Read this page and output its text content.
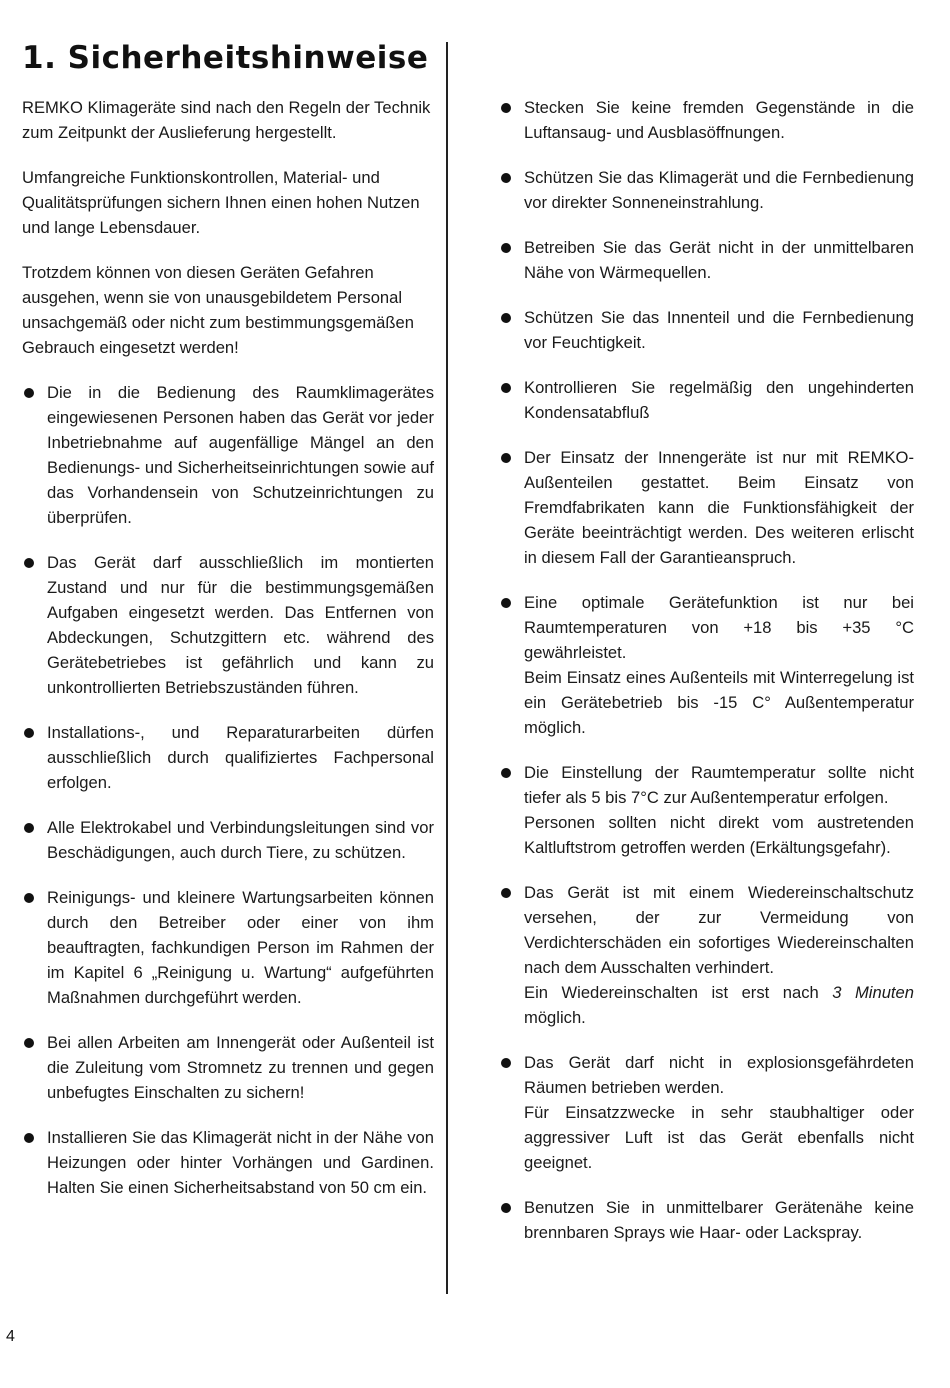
1. Sicherheitshinweise

REMKO Klimageräte sind nach den Regeln der Technik zum Zeitpunkt der Auslieferung hergestellt.

Umfangreiche Funktionskontrollen, Material- und Qualitätsprüfungen sichern Ihnen einen hohen Nutzen und lange Lebensdauer.

Trotzdem können von diesen Geräten Gefahren ausgehen, wenn sie von unausgebildetem Personal unsachgemäß oder nicht zum bestimmungsgemäßen Gebrauch eingesetzt werden!

Die in die Bedienung des Raumklimagerätes eingewiesenen Personen haben das Gerät vor jeder Inbetriebnahme auf augenfällige Mängel an den Bedienungs- und Sicherheitseinrichtungen sowie auf das Vorhandensein von Schutzeinrichtungen zu überprüfen.
Das Gerät darf ausschließlich im montierten Zustand und nur für die bestimmungsgemäßen Aufgaben eingesetzt werden. Das Entfernen von Abdeckungen, Schutzgittern etc. während des Gerätebetriebes ist gefährlich und kann zu unkontrollierten Betriebszuständen führen.
Installations-, und Reparaturarbeiten dürfen ausschließlich durch qualifiziertes Fachpersonal erfolgen.
Alle Elektrokabel und Verbindungsleitungen sind vor Beschädigungen, auch durch Tiere, zu schützen.
Reinigungs- und kleinere Wartungsarbeiten können durch den Betreiber oder einer von ihm beauftragten, fachkundigen Person im Rahmen der im Kapitel 6 „Reinigung u. Wartung“ aufgeführten Maßnahmen durchgeführt werden.
Bei allen Arbeiten am Innengerät oder Außenteil ist die Zuleitung vom Stromnetz zu trennen und gegen unbefugtes Einschalten zu sichern!
Installieren Sie das Klimagerät nicht in der Nähe von Heizungen oder hinter Vorhängen und Gardinen. Halten Sie einen Sicherheitsabstand von 50 cm ein.
Stecken Sie keine fremden Gegenstände in die Luftansaug- und Ausblasöffnungen.
Schützen Sie das Klimagerät und die Fernbedienung vor direkter Sonneneinstrahlung.
Betreiben Sie das Gerät nicht in der unmittelbaren Nähe von Wärmequellen.
Schützen Sie das Innenteil und die Fernbedienung vor Feuchtigkeit.
Kontrollieren Sie regelmäßig den ungehinderten Kondensatabfluß
Der Einsatz der Innengeräte ist nur mit REMKO-Außenteilen gestattet. Beim Einsatz von Fremdfabrikaten kann die Funktionsfähigkeit der Geräte beeinträchtigt werden. Des weiteren erlischt in diesem Fall der Garantieanspruch.
Eine optimale Gerätefunktion ist nur bei Raumtemperaturen von +18 bis +35 °C gewährleistet.
Beim Einsatz eines Außenteils mit Winterregelung ist ein Gerätebetrieb bis -15 C° Außentemperatur möglich.
Die Einstellung der Raumtemperatur sollte nicht tiefer als 5 bis 7°C zur Außentemperatur erfolgen.
Personen sollten nicht direkt vom austretenden Kaltluftstrom getroffen werden (Erkältungsgefahr).
Das Gerät ist mit einem Wiedereinschaltschutz versehen, der zur Vermeidung von Verdichterschäden ein sofortiges Wiedereinschalten nach dem Ausschalten verhindert.
Ein Wiedereinschalten ist erst nach 3 Minuten möglich.
Das Gerät darf nicht in explosionsgefährdeten Räumen betrieben werden.
Für Einsatzzwecke in sehr staubhaltiger oder aggressiver Luft ist das Gerät ebenfalls nicht geeignet.
Benutzen Sie in unmittelbarer Gerätenähe keine brennbaren Sprays wie Haar- oder Lackspray.
4
